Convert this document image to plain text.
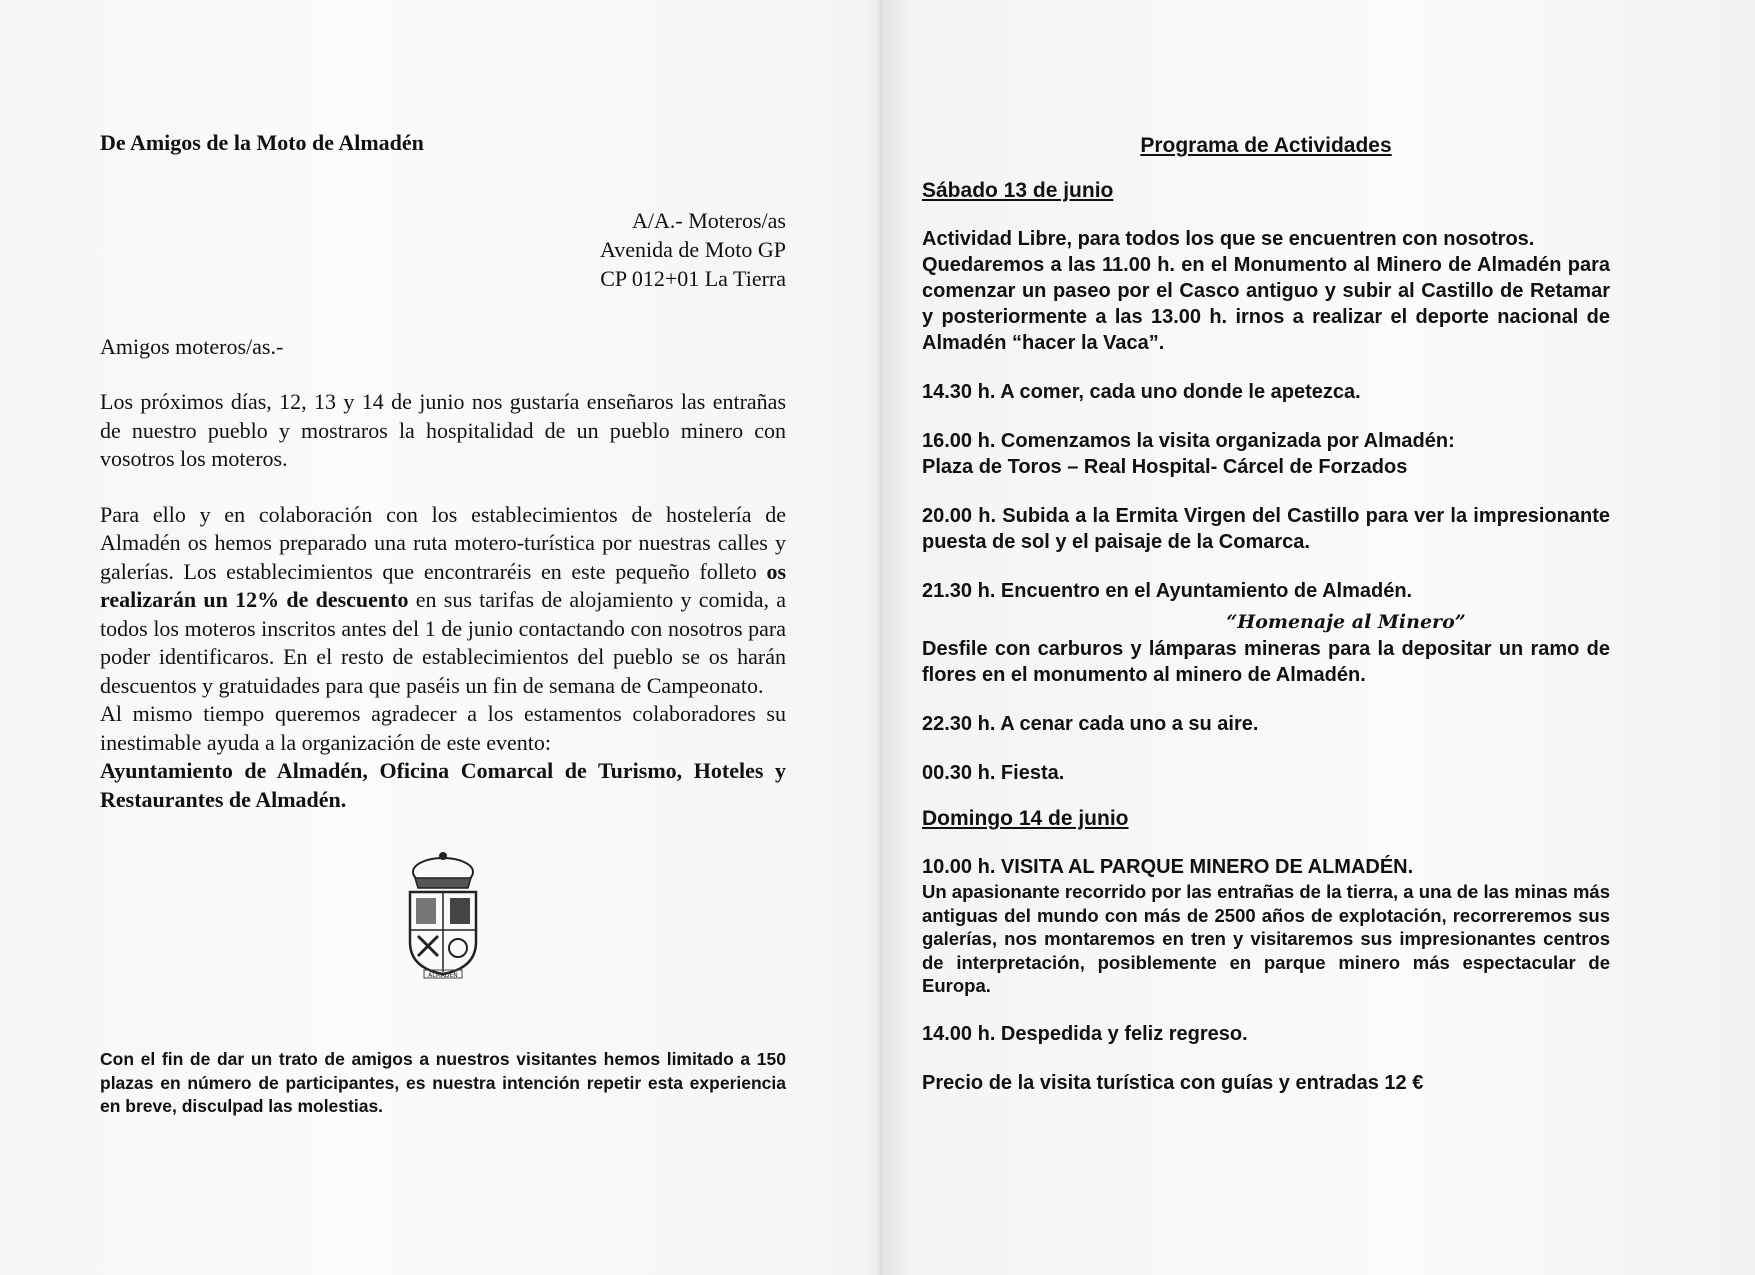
De Amigos de la Moto de Almadén

A/A.- Moteros/as
Avenida de Moto GP
CP 012+01 La Tierra
Amigos moteros/as.-
Los próximos días, 12, 13 y 14 de junio nos gustaría enseñaros las entrañas de nuestro pueblo y mostraros la hospitalidad de un pueblo minero con vosotros los moteros.
Para ello y en colaboración con los establecimientos de hostelería de Almadén os hemos preparado una ruta motero-turística por nuestras calles y galerías. Los establecimientos que encontraréis en este pequeño folleto os realizarán un 12% de descuento en sus tarifas de alojamiento y comida, a todos los moteros inscritos antes del 1 de junio contactando con nosotros para poder identificaros. En el resto de establecimientos del pueblo se os harán descuentos y gratuidades para que paséis un fin de semana de Campeonato.
Al mismo tiempo queremos agradecer a los estamentos colaboradores su inestimable ayuda a la organización de este evento:
Ayuntamiento de Almadén, Oficina Comarcal de Turismo, Hoteles y Restaurantes de Almadén.
ALMADEN
Con el fin de dar un trato de amigos a nuestros visitantes hemos limitado a 150 plazas en número de participantes, es nuestra intención repetir esta experiencia en breve, disculpad las molestias.

Programa de Actividades

Sábado 13 de junio

Actividad Libre, para todos los que se encuentren con nosotros.

Quedaremos a las 11.00 h. en el Monumento al Minero de Almadén para comenzar un paseo por el Casco antiguo y subir al Castillo de Retamar y posteriormente a las 13.00 h. irnos a realizar el deporte nacional de Almadén “hacer la Vaca”.

14.30 h. A comer, cada uno donde le apetezca.

16.00 h. Comenzamos la visita organizada por Almadén:

Plaza de Toros – Real Hospital- Cárcel de Forzados

20.00 h. Subida a la Ermita Virgen del Castillo para ver la impresionante puesta de sol y el paisaje de la Comarca.

21.30 h. Encuentro en el Ayuntamiento de Almadén.

“Homenaje al Minero”

Desfile con carburos y lámparas mineras para la depositar un ramo de flores en el monumento al minero de Almadén.

22.30 h. A cenar cada uno a su aire.
00.30 h. Fiesta.
Domingo 14 de junio

10.00 h. VISITA AL PARQUE MINERO DE ALMADÉN.

Un apasionante recorrido por las entrañas de la tierra, a una de las minas más antiguas del mundo con más de 2500 años de explotación, recorreremos sus galerías, nos montaremos en tren y visitaremos sus impresionantes centros de interpretación, posiblemente en parque minero más espectacular de Europa.

14.00 h. Despedida y feliz regreso.
Precio de la visita turística con guías y entradas 12 €
